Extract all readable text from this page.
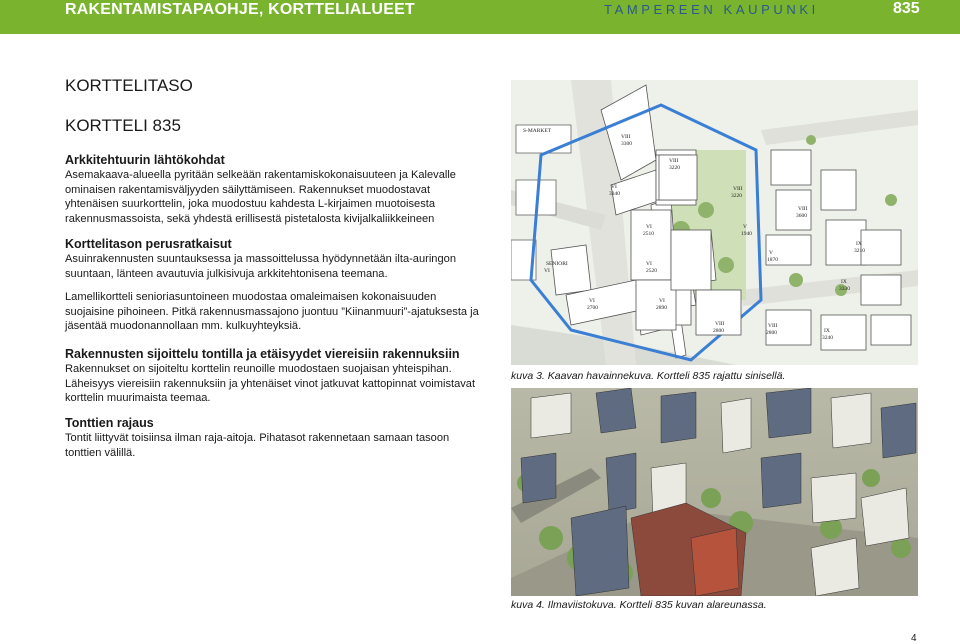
RAKENTAMISTAPAOHJE, KORTTELIALUEET	TAMPEREEN KAUPUNKI	835
KORTTELITASO
KORTTELI 835
Arkkitehtuurin lähtökohdat

Asemakaava-alueella pyritään selkeään rakentamiskokonaisuuteen ja Kalevalle ominaisen rakentamisväljyyden säilyttämiseen. Rakennukset muodostavat yhtenäisen suurkorttelin, joka muodostuu kahdesta L-kirjaimen muotoisesta rakennusmassoista, sekä yhdestä erillisestä pistetalosta kivijalkaliikkeineen

Korttelitason perusratkaisut

Asuinrakennusten suuntauksessa ja massoittelussa hyödynnetään ilta-auringon suuntaan, länteen avautuvia julkisivuja arkkitehtonisena teemana.

Lamellikortteli senioriasuntoineen muodostaa omaleimaisen kokonaisuuden suojaisine pihoineen. Pitkä rakennusmassajono juontuu ”Kiinanmuuri”-ajatuksesta ja jäsentää muodonannollaan mm. kulkuyhteyksiä.

Rakennusten sijoittelu tontilla ja etäisyydet viereisiin rakennuksiin

Rakennukset on sijoiteltu korttelin reunoille muodostaen suojaisan yhteispihan. Läheisyys viereisiin rakennuksiin ja yhtenäiset vinot jatkuvat kattopinnat voimistavat korttelin muurimaista teemaa.

Tonttien rajaus

Tontit liittyvät toisiinsa ilman raja-aitoja. Pihatasot rakennetaan samaan tasoon tonttien välillä.

VIII
3300
VI
3340
VI
2510
VI
2520
VI
2700
VI
2890
VIII
3220
VIII
3220
VIII
3600
V
1940
IX
3210
V
1870
IX
3330
VIII
2800
VIII
2800	IX
3240
S-MARKET
VI
SENIORI
kuva 3. Kaavan havainnekuva. Kortteli 835 rajattu sinisellä.
kuva 4. Ilmaviistokuva. Kortteli 835 kuvan alareunassa.
4
